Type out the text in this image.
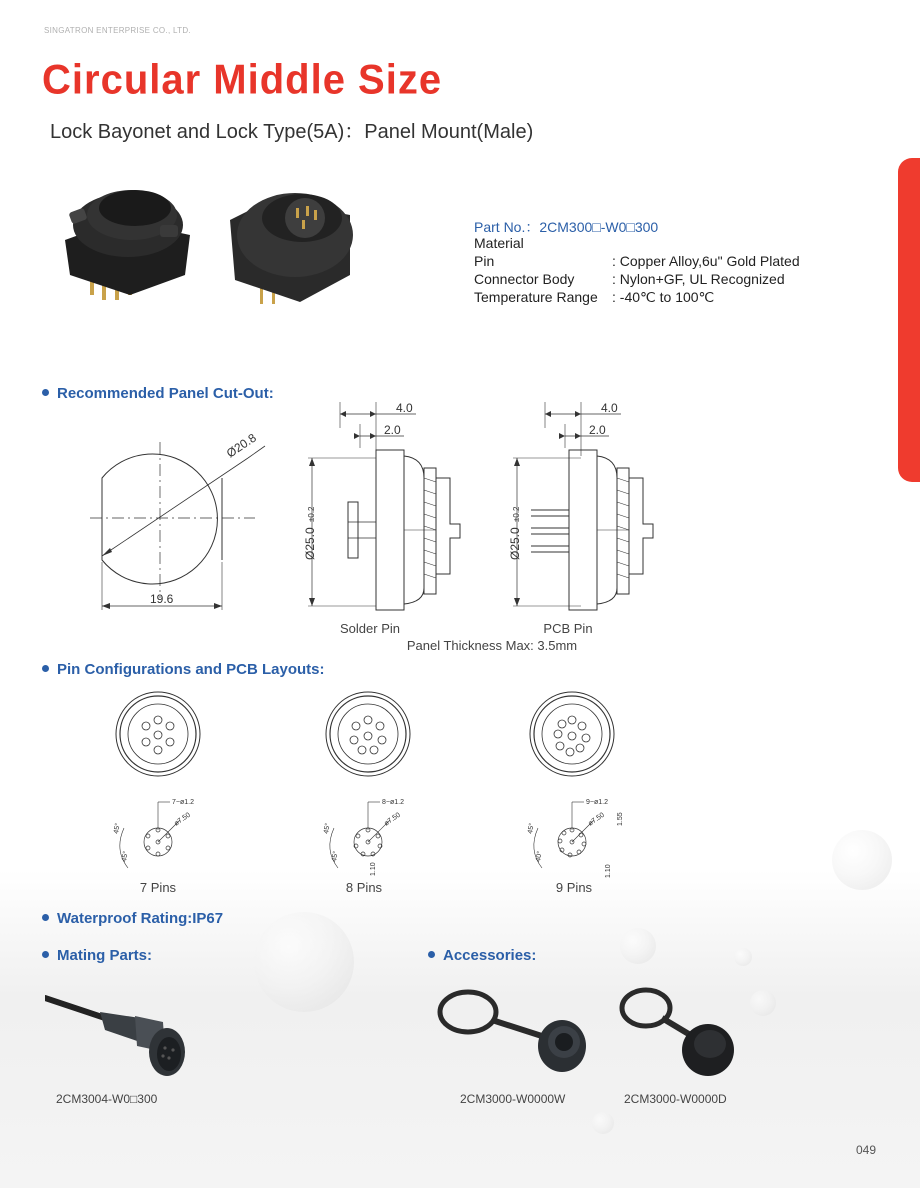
SINGATRON ENTERPRISE CO., LTD.
Circular Middle Size
Lock Bayonet and Lock Type(5A)：Panel Mount(Male)
Part No.：2CM300□-W0□300
Material
Pin	: Copper Alloy,6u" Gold Plated
Connector Body	: Nylon+GF, UL Recognized
Temperature Range : -40℃ to 100℃
Recommended Panel Cut-Out:
Pin Configurations and PCB Layouts:
Waterproof Rating:IP67
Mating Parts:	Accessories:
Ø20.8
19.6
4.0
2.0
Ø25.0
±0.2
4.0
2.0
Ø25.0
±0.2
Solder Pin	PCB Pin
Panel Thickness Max: 3.5mm
7−ø1.2
ø7.50
45°
45°
7 Pins
8−ø1.2
ø7.50
45°
45°
1.10
8 Pins
9−ø1.2
ø7.50
45°
40°
1.10
1.55
9 Pins
2CM3004-W0□300	2CM3000-W0000W	2CM3000-W0000D
049
